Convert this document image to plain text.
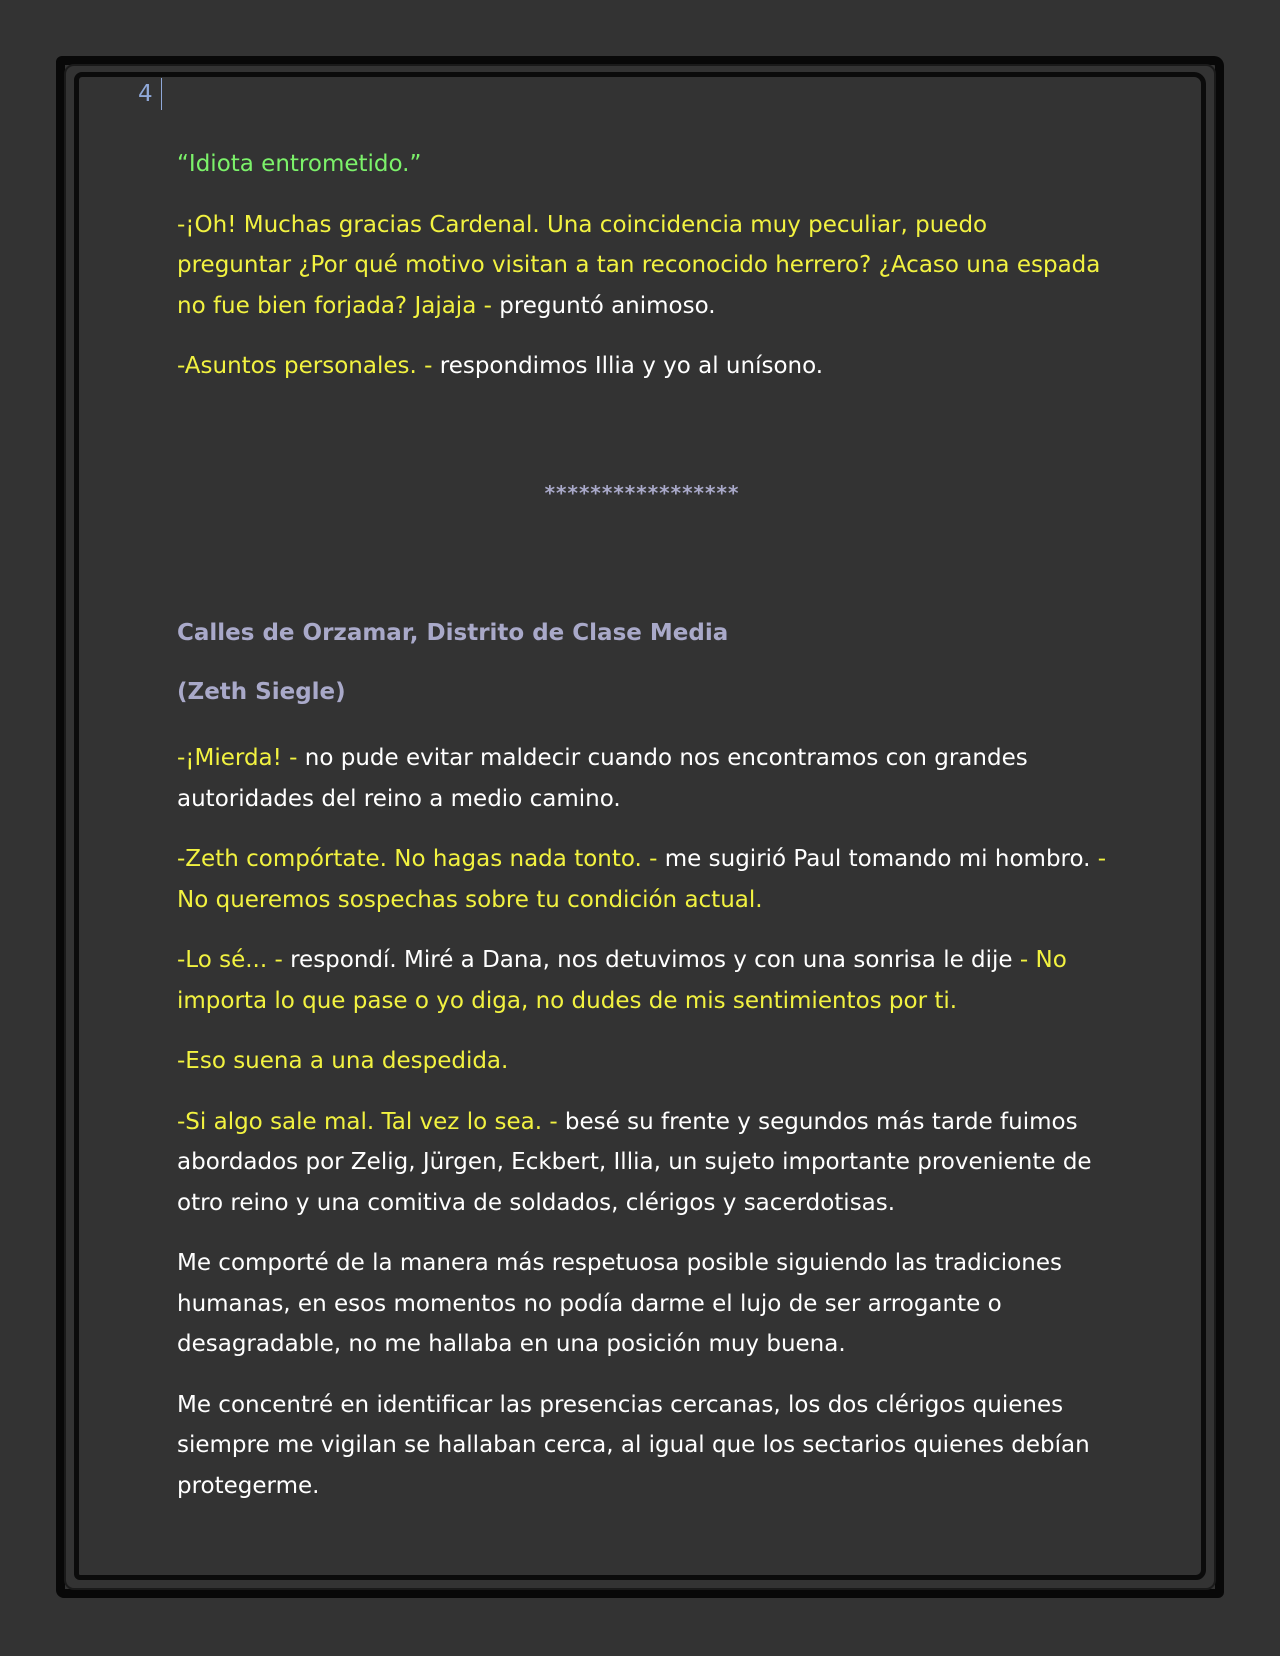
4

“Idiota entrometido.”

-¡Oh! Muchas gracias Cardenal. Una coincidencia muy peculiar, puedo preguntar ¿Por qué motivo visitan a tan reconocido herrero? ¿Acaso una espada no fue bien forjada? Jajaja - preguntó animoso.

-Asuntos personales. - respondimos Illia y yo al unísono.

*****************

Calles de Orzamar, Distrito de Clase Media

(Zeth Siegle)

-¡Mierda! - no pude evitar maldecir cuando nos encontramos con grandes autoridades del reino a medio camino.

-Zeth compórtate. No hagas nada tonto. - me sugirió Paul tomando mi hombro. - No queremos sospechas sobre tu condición actual.

-Lo sé... - respondí. Miré a Dana, nos detuvimos y con una sonrisa le dije - No importa lo que pase o yo diga, no dudes de mis sentimientos por ti.

-Eso suena a una despedida.

-Si algo sale mal. Tal vez lo sea. - besé su frente y segundos más tarde fuimos abordados por Zelig, Jürgen, Eckbert, Illia, un sujeto importante proveniente de otro reino y una comitiva de soldados, clérigos y sacerdotisas.

Me comporté de la manera más respetuosa posible siguiendo las tradiciones humanas, en esos momentos no podía darme el lujo de ser arrogante o desagradable, no me hallaba en una posición muy buena.

Me concentré en identificar las presencias cercanas, los dos clérigos quienes siempre me vigilan se hallaban cerca, al igual que los sectarios quienes debían protegerme.
